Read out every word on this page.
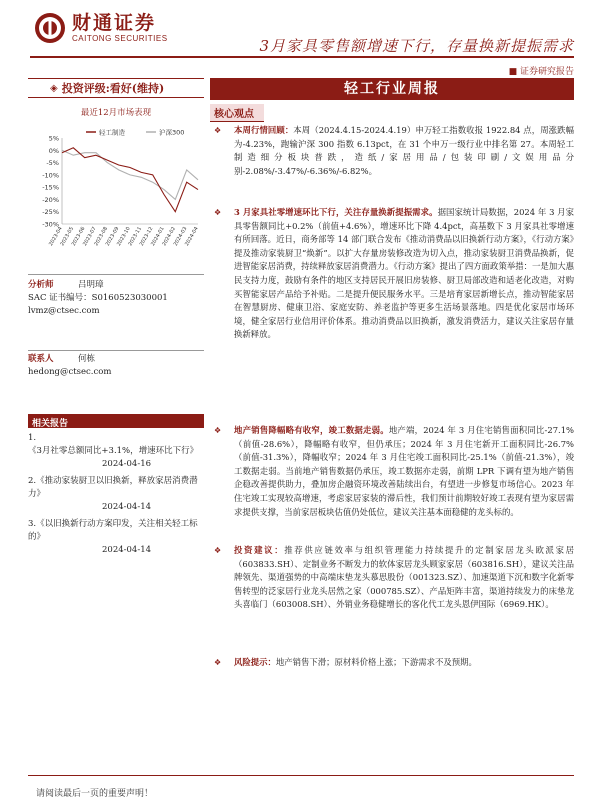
财通证券
CAITONG SECURITIES	3月家具零售额增速下行，存量换新提振需求
■ 证券研究报告
◈ 投资评级:看好(维持)
最近12月市场表现
5%
0%
-5%
-10%
-15%
-20%
-25%
-30%
2023-04
2023-05
2023-06
2023-07
2023-08
2023-09
2023-10
2023-11
2023-12
2024-01
2024-02
2024-03
2024-04
轻工制造	沪深300
分析师	吕明璋
SAC 证书编号：S0160523030001
lvmz@ctsec.com
联系人	何栋
hedong@ctsec.com
相关报告
1.《3月社零总额同比+3.1%，增速环比下行》
2024-04-16
2.《推动家装厨卫以旧换新，释放家居消费潜力》
2024-04-14
3.《以旧换新行动方案印发，关注相关轻工标的》
2024-04-14
轻工行业周报
核心观点
❖	本周行情回顾：本周（2024.4.15-2024.4.19）申万轻工指数收报 1922.84 点，周涨跌幅为-4.23%，跑输沪深 300 指数 6.13pct，在 31 个申万一级行业中排名第 27。本周轻工制造细分板块普跌，造纸/家居用品/包装印刷/文娱用品分别-2.08%/-3.47%/-6.36%/-6.82%。
❖	3 月家具社零增速环比下行，关注存量换新提振需求。据国家统计局数据，2024 年 3 月家具零售额同比+0.2%（前值+4.6%），增速环比下降 4.4pct，高基数下 3 月家具社零增速有所回落。近日，商务部等 14 部门联合发布《推动消费品以旧换新行动方案》，《行动方案》提及推动家装厨卫“焕新”。以扩大存量房装修改造为切入点，推动家装厨卫消费品换新，促进智能家居消费，持续释放家居消费潜力。《行动方案》提出了四方面政策举措：一是加大惠民支持力度，鼓励有条件的地区支持居民开展旧房装修、厨卫局部改造和适老化改造，对购买智能家居产品给予补贴。二是提升便民服务水平。三是培育家居新增长点，推动智能家居在智慧厨房、健康卫浴、家庭安防、养老监护等更多生活场景落地。四是优化家居市场环境，健全家居行业信用评价体系。推动消费品以旧换新，激发消费活力，建议关注家居存量换新释放。
❖	地产销售降幅略有收窄，竣工数据走弱。地产端，2024 年 3 月住宅销售面积同比-27.1%（前值-28.6%），降幅略有收窄，但仍承压；2024 年 3 月住宅新开工面积同比-26.7%（前值-31.3%），降幅收窄；2024 年 3 月住宅竣工面积同比-25.1%（前值-21.3%），竣工数据走弱。当前地产销售数据仍承压，竣工数据亦走弱，前期 LPR 下调有望为地产销售企稳改善提供助力，叠加房企融资环境改善陆续出台，有望进一步修复市场信心。2023 年住宅竣工实现较高增速，考虑家居家装的滞后性，我们预计前期较好竣工表现有望为家居需求提供支撑，当前家居板块估值仍处低位，建议关注基本面稳健的龙头标的。
❖	投资建议：推荐供应链效率与组织管理能力持续提升的定制家居龙头欧派家居（603833.SH）、定制业务不断发力的软体家居龙头顾家家居（603816.SH），建议关注品牌领先、渠道强势的中高端床垫龙头慕思股份（001323.SZ）、加速渠道下沉和数字化新零售转型的泛家居行业龙头居然之家（000785.SZ）、产品矩阵丰富，渠道持续发力的床垫龙头喜临门（603008.SH）、外销业务稳健增长的客化代工龙头恩伊国际（6969.HK）。
❖	风险提示：地产销售下滑；原材料价格上涨；下游需求不及预期。
请阅读最后一页的重要声明！
